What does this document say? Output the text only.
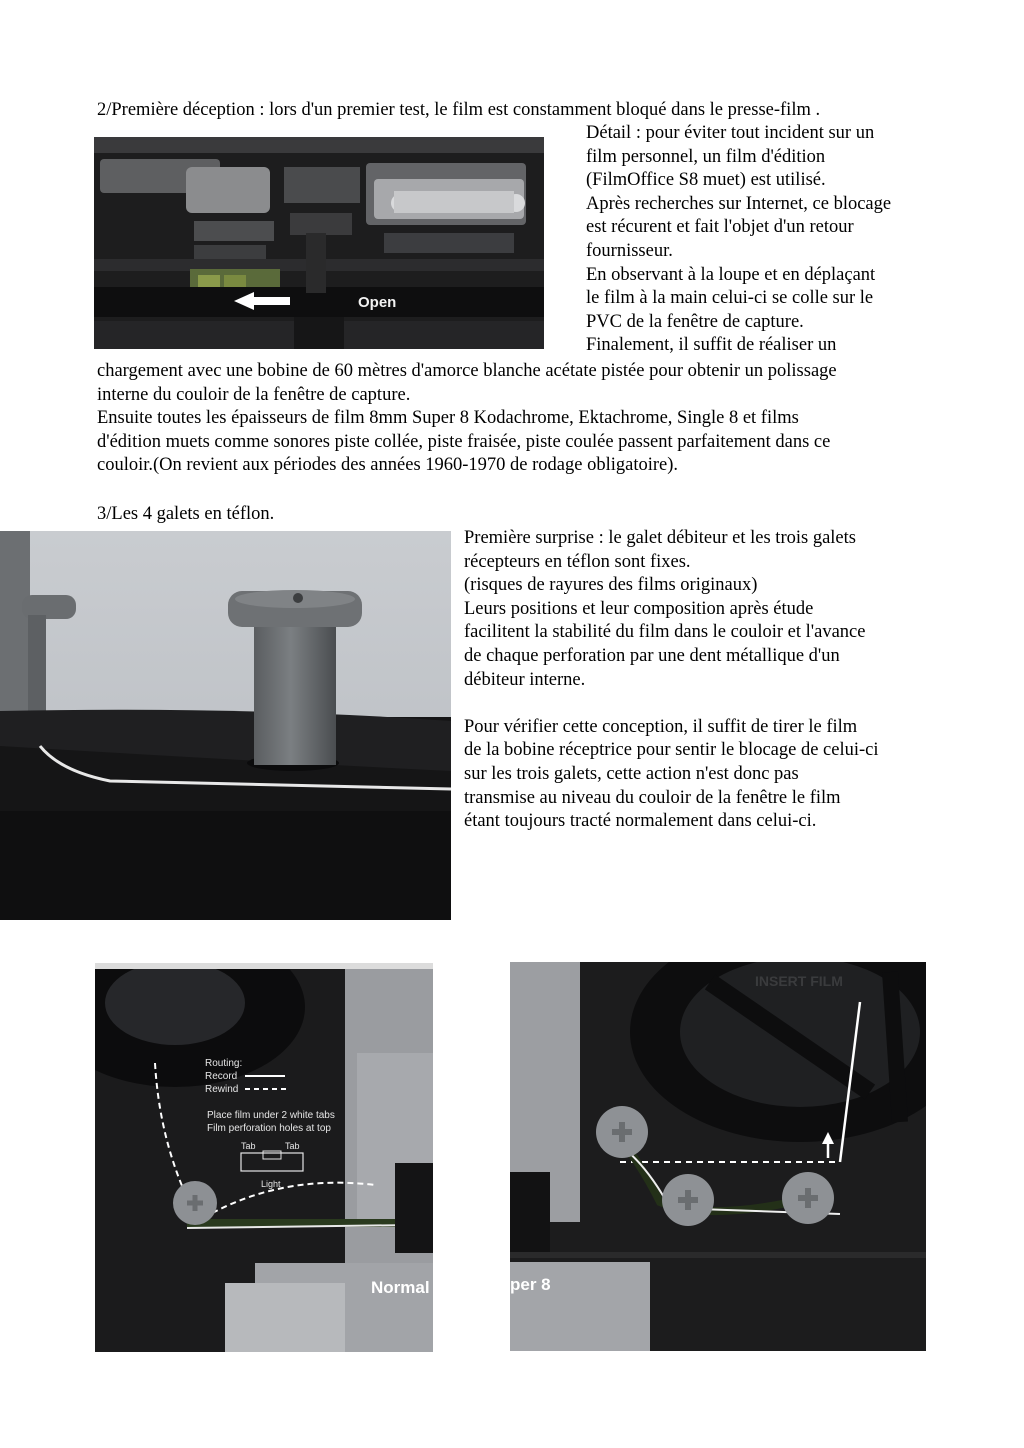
2/Première déception : lors d'un premier test, le film est constamment bloqué dans le presse-film .
Open
Détail : pour éviter tout incident sur un
film personnel, un film d'édition
(FilmOffice S8 muet) est utilisé.
Après recherches sur Internet, ce blocage
est récurent et fait l'objet d'un retour
fournisseur.
En observant à la loupe et en déplaçant
le film à la main celui-ci se colle sur le
PVC de la fenêtre de capture.
Finalement, il suffit de réaliser un
chargement avec une bobine de 60 mètres d'amorce blanche acétate pistée pour obtenir un polissage
interne du couloir de la fenêtre de capture.
Ensuite toutes les épaisseurs de film 8mm Super 8 Kodachrome, Ektachrome, Single 8 et films
d'édition muets comme sonores piste collée, piste fraisée, piste coulée passent parfaitement dans ce
couloir.(On revient aux périodes des années 1960-1970 de rodage obligatoire).
3/Les 4 galets en téflon.
Première surprise : le galet débiteur et les trois galets
récepteurs en téflon sont fixes.
(risques de rayures des films originaux)
Leurs positions et leur composition après étude
facilitent la stabilité du film dans le couloir et l'avance
de chaque perforation par une dent métallique d'un
débiteur interne.
Pour vérifier cette conception, il suffit de tirer le film
de la bobine réceptrice pour sentir le blocage de celui-ci
sur les trois galets, cette action n'est donc pas
transmise au niveau du couloir de la fenêtre le film
étant toujours tracté normalement dans celui-ci.
Routing:
Record
Rewind
Place film under 2 white tabs
Film perforation holes at top
Tab	Tab
Light
Normal
INSERT FILM
per 8
